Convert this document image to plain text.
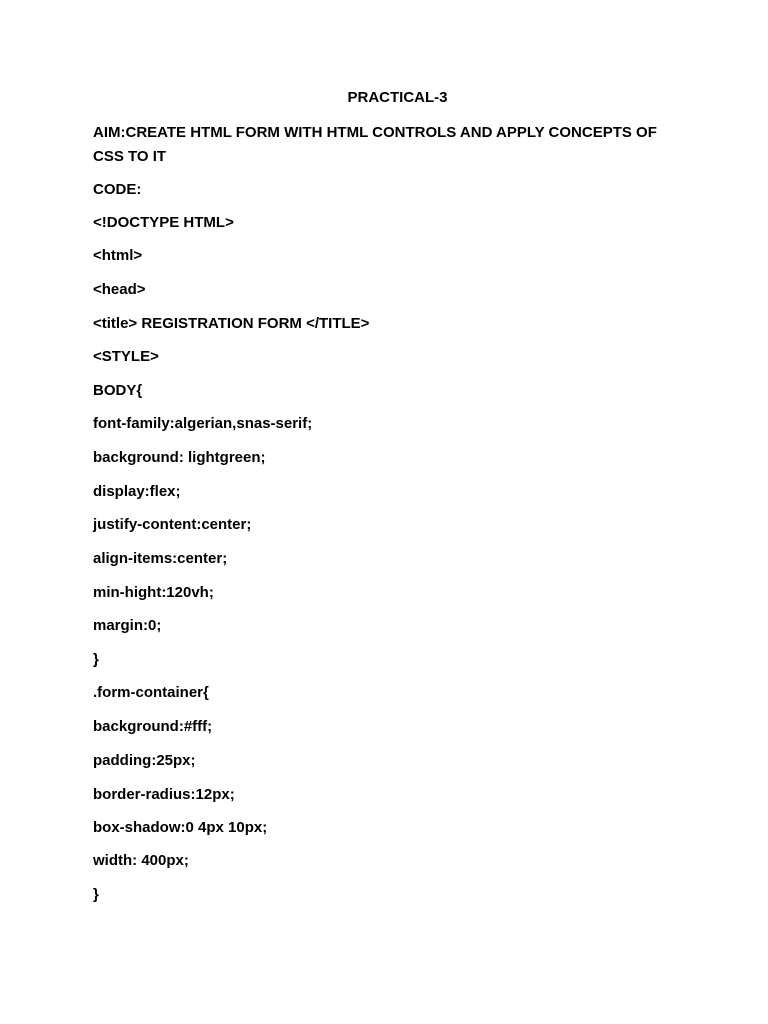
PRACTICAL-3

AIM:CREATE HTML FORM WITH HTML CONTROLS AND APPLY CONCEPTS OF CSS TO IT

CODE:

<!DOCTYPE HTML>

<html>

<head>

<title> REGISTRATION FORM </TITLE>

<STYLE>

BODY{

font-family:algerian,snas-serif;

background: lightgreen;

display:flex;

justify-content:center;

align-items:center;

min-hight:120vh;

margin:0;

}

.form-container{

background:#fff;

padding:25px;

border-radius:12px;

box-shadow:0 4px 10px;

width: 400px;

}
